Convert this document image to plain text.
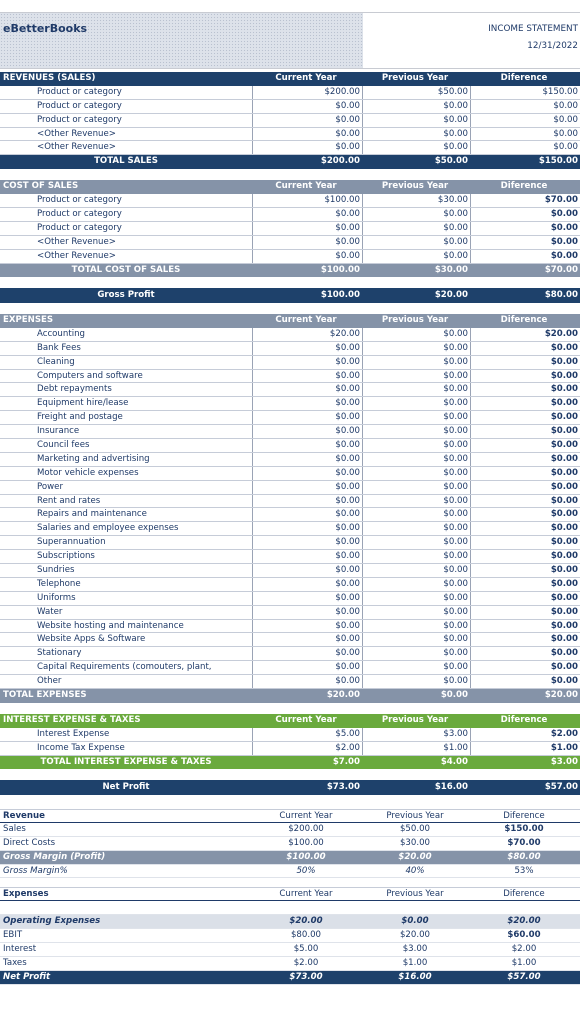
eBetterBooks	INCOME STATEMENT
12/31/2022
REVENUES (SALES)	Current Year	Previous Year	Diference
Product or category	$200.00	$50.00	$150.00
Product or category	$0.00	$0.00	$0.00
Product or category	$0.00	$0.00	$0.00
<Other Revenue>	$0.00	$0.00	$0.00
<Other Revenue>	$0.00	$0.00	$0.00
TOTAL SALES	$200.00	$50.00	$150.00
COST OF SALES	Current Year	Previous Year	Diference
Product or category	$100.00	$30.00	$70.00
Product or category	$0.00	$0.00	$0.00
Product or category	$0.00	$0.00	$0.00
<Other Revenue>	$0.00	$0.00	$0.00
<Other Revenue>	$0.00	$0.00	$0.00
TOTAL COST OF SALES	$100.00	$30.00	$70.00
Gross Profit	$100.00	$20.00	$80.00
EXPENSES	Current Year	Previous Year	Diference
Accounting	$20.00	$0.00	$20.00
Bank Fees	$0.00	$0.00	$0.00
Cleaning	$0.00	$0.00	$0.00
Computers and software	$0.00	$0.00	$0.00
Debt repayments	$0.00	$0.00	$0.00
Equipment hire/lease	$0.00	$0.00	$0.00
Freight and postage	$0.00	$0.00	$0.00
Insurance	$0.00	$0.00	$0.00
Council fees	$0.00	$0.00	$0.00
Marketing and advertising	$0.00	$0.00	$0.00
Motor vehicle expenses	$0.00	$0.00	$0.00
Power	$0.00	$0.00	$0.00
Rent and rates	$0.00	$0.00	$0.00
Repairs and maintenance	$0.00	$0.00	$0.00
Salaries and employee expenses	$0.00	$0.00	$0.00
Superannuation	$0.00	$0.00	$0.00
Subscriptions	$0.00	$0.00	$0.00
Sundries	$0.00	$0.00	$0.00
Telephone	$0.00	$0.00	$0.00
Uniforms	$0.00	$0.00	$0.00
Water	$0.00	$0.00	$0.00
Website hosting and maintenance	$0.00	$0.00	$0.00
Website Apps & Software	$0.00	$0.00	$0.00
Stationary	$0.00	$0.00	$0.00
Capital Requirements (comouters, plant,	$0.00	$0.00	$0.00
Other	$0.00	$0.00	$0.00
TOTAL EXPENSES	$20.00	$0.00	$20.00
INTEREST EXPENSE & TAXES	Current Year	Previous Year	Diference
Interest Expense	$5.00	$3.00	$2.00
Income Tax Expense	$2.00	$1.00	$1.00
TOTAL INTEREST EXPENSE & TAXES	$7.00	$4.00	$3.00
Net Profit	$73.00	$16.00	$57.00
Revenue	Current Year	Previous Year	Diference
Sales	$200.00	$50.00	$150.00
Direct Costs	$100.00	$30.00	$70.00
Gross Margin (Profit)	$100.00	$20.00	$80.00
Gross Margin%	50%	40%	53%
Expenses	Current Year	Previous Year	Diference
Operating Expenses	$20.00	$0.00	$20.00
EBIT	$80.00	$20.00	$60.00
Interest	$5.00	$3.00	$2.00
Taxes	$2.00	$1.00	$1.00
Net Profit	$73.00	$16.00	$57.00
